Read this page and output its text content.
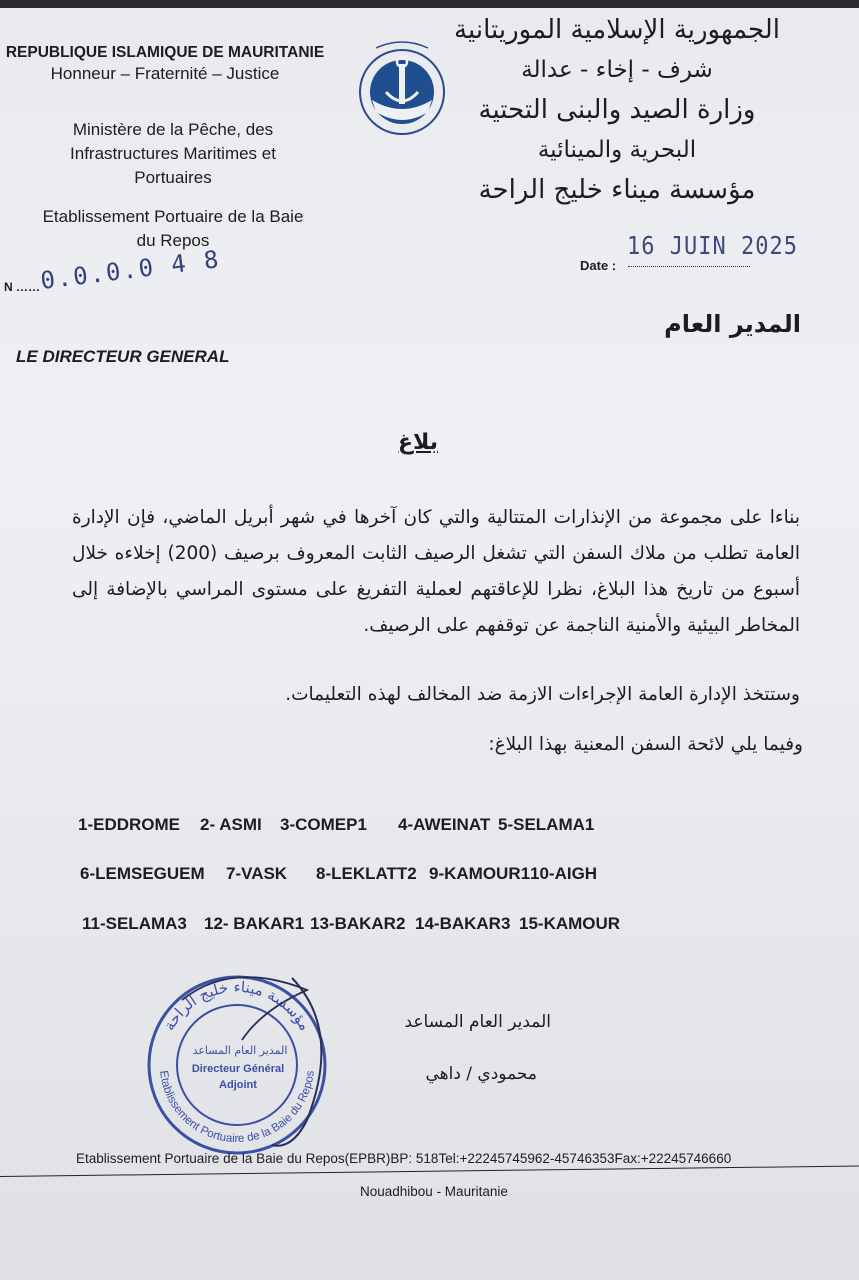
REPUBLIQUE ISLAMIQUE DE MAURITANIE
Honneur – Fraternité – Justice
Ministère de la Pêche, des Infrastructures Maritimes et Portuaires
Etablissement Portuaire de la Baie du Repos
N ……
0.0.0.0 4 8
الجمهورية الإسلامية الموريتانية
شرف - إخاء - عدالة
وزارة الصيد والبنى التحتية
البحرية والمينائية
مؤسسة ميناء خليج الراحة
Date :
16 JUIN 2025
المدير العام
LE DIRECTEUR GENERAL
بلاغ
بناءا على مجموعة من الإنذارات المتتالية والتي كان آخرها في شهر أبريل الماضي، فإن الإدارة العامة تطلب من ملاك السفن التي تشغل الرصيف الثابت المعروف برصيف (200) إخلاءه خلال أسبوع من تاريخ هذا البلاغ، نظرا للإعاقتهم لعملية التفريغ على مستوى المراسي بالإضافة إلى المخاطر البيئية والأمنية الناجمة عن توقفهم على الرصيف.
وستتخذ الإدارة العامة الإجراءات الازمة ضد المخالف لهذه التعليمات.
وفيما يلي لائحة السفن المعنية بهذا البلاغ:
1-EDDROME 2- ASMI 3-COMEP1 4-AWEINAT 5-SELAMA1
6-LEMSEGUEM 7-VASK 8-LEKLATT2 9-KAMOUR110-AIGH
11-SELAMA3 12- BAKAR1 13-BAKAR2 14-BAKAR3 15-KAMOUR
المدير العام المساعد
محمودي / داهي
مؤسسة ميناء خليج الراحة
Etablissement Portuaire de la Baie du Repos
المدير العام المساعد
Directeur Général
Adjoint
Etablissement Portuaire de la Baie du Repos(EPBR)BP: 518Tel:+22245745962-45746353Fax:+22245746660
Nouadhibou - Mauritanie
